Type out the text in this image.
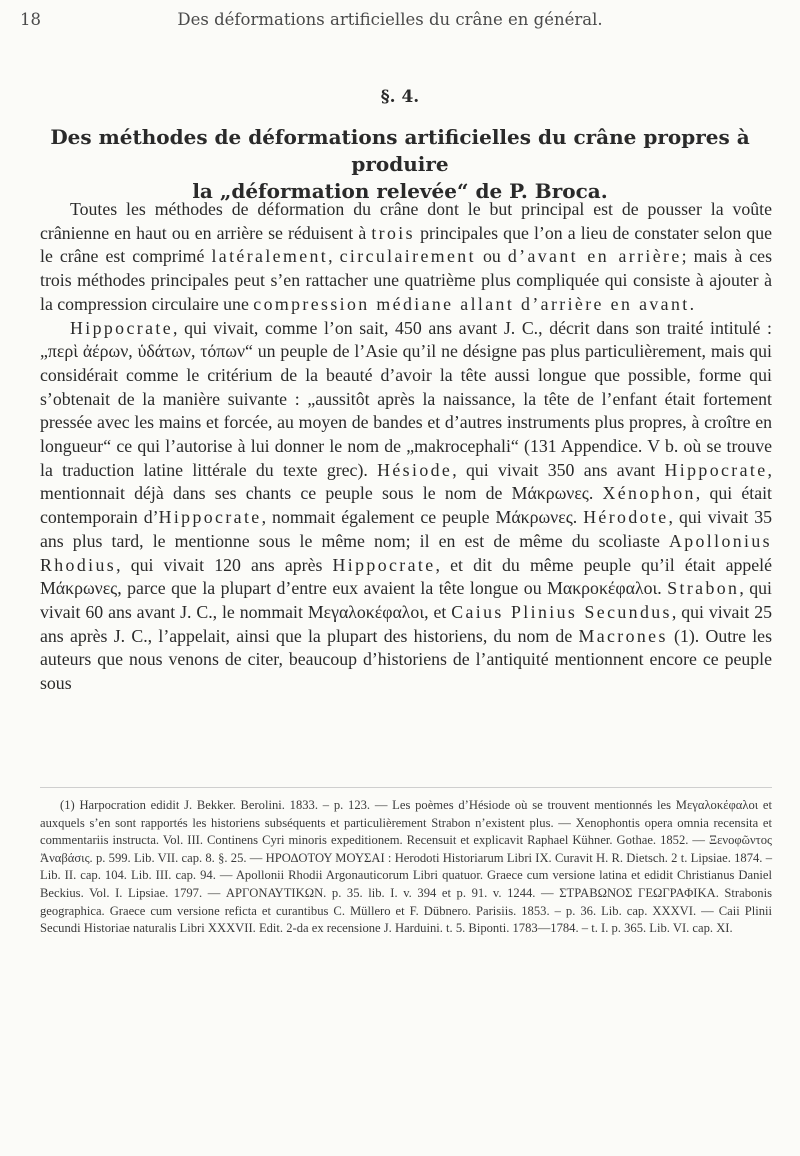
18	Des déformations artificielles du crâne en général.
§. 4.
Des méthodes de déformations artificielles du crâne propres à produire
la „déformation relevée“ de P. Broca.

Toutes les méthodes de déformation du crâne dont le but principal est de pousser la voûte crânienne en haut ou en arrière se réduisent à trois principales que l’on a lieu de constater selon que le crâne est comprimé latéralement, circulairement ou d’avant en arrière; mais à ces trois méthodes principales peut s’en rattacher une quatrième plus compliquée qui consiste à ajouter à la compression circulaire une compression médiane allant d’arrière en avant.

Hippocrate, qui vivait, comme l’on sait, 450 ans avant J. C., décrit dans son traité intitulé : „περὶ ἀέρων, ὑδάτων, τόπων“ un peuple de l’Asie qu’il ne désigne pas plus particulièrement, mais qui considérait comme le critérium de la beauté d’avoir la tête aussi longue que possible, forme qui s’obtenait de la manière suivante : „aussitôt après la naissance, la tête de l’enfant était fortement pressée avec les mains et forcée, au moyen de bandes et d’autres instruments plus propres, à croître en longueur“ ce qui l’autorise à lui donner le nom de „makrocephali“ (131 Appendice. V b. où se trouve la traduction latine littérale du texte grec). Hésiode, qui vivait 350 ans avant Hippocrate, mentionnait déjà dans ses chants ce peuple sous le nom de Μάκρωνες. Xénophon, qui était contemporain d’Hippocrate, nommait également ce peuple Μάκρωνες. Hérodote, qui vivait 35 ans plus tard, le mentionne sous le même nom; il en est de même du scoliaste Apollonius Rhodius, qui vivait 120 ans après Hippocrate, et dit du même peuple qu’il était appelé Μάκρωνες, parce que la plupart d’entre eux avaient la tête longue ou Μακροκέφαλοι. Strabon, qui vivait 60 ans avant J. C., le nommait Μεγαλοκέφαλοι, et Caius Plinius Secundus, qui vivait 25 ans après J. C., l’appelait, ainsi que la plupart des historiens, du nom de Macrones (1). Outre les auteurs que nous venons de citer, beaucoup d’historiens de l’antiquité mentionnent encore ce peuple sous

(1) Harpocration edidit J. Bekker. Berolini. 1833. – p. 123. — Les poèmes d’Hésiode où se trouvent mentionnés les Μεγαλοκέφαλοι et auxquels s’en sont rapportés les historiens subséquents et particulièrement Strabon n’existent plus. — Xenophontis opera omnia recensita et commentariis instructa. Vol. III. Continens Cyri minoris expeditionem. Recensuit et explicavit Raphael Kühner. Gothae. 1852. — Ξενοφῶντος Ἀναβάσις. p. 599. Lib. VII. cap. 8. §. 25. — ΗΡΟΔΟΤΟΥ ΜΟΥΣΑΙ : Herodoti Historiarum Libri IX. Curavit H. R. Dietsch. 2 t. Lipsiae. 1874. – Lib. II. cap. 104. Lib. III. cap. 94. — Apollonii Rhodii Argonauticorum Libri quatuor. Graece cum versione latina et edidit Christianus Daniel Beckius. Vol. I. Lipsiae. 1797. — ΑΡΓΟΝΑΥΤΙΚΩΝ. p. 35. lib. I. v. 394 et p. 91. v. 1244. — ΣΤΡΑΒΩΝΟΣ ΓΕΩΓΡΑΦΙΚΑ. Strabonis geographica. Graece cum versione reficta et curantibus C. Müllero et F. Dübnero. Parisiis. 1853. – p. 36. Lib. cap. XXXVI. — Caii Plinii Secundi Historiae naturalis Libri XXXVII. Edit. 2-da ex recensione J. Harduini. t. 5. Biponti. 1783—1784. – t. I. p. 365. Lib. VI. cap. XI.
